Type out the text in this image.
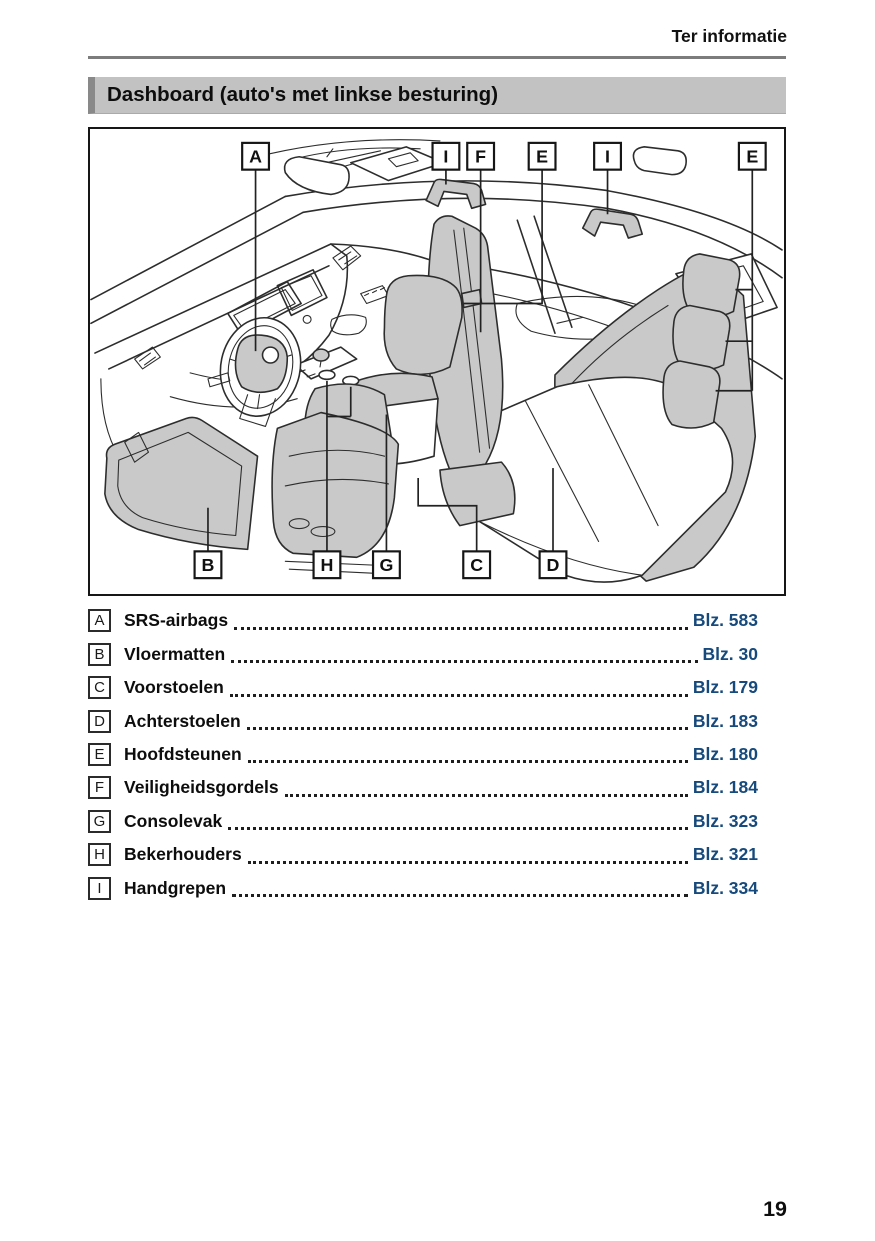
Ter informatie
Dashboard (auto's met linkse besturing)
A	I F	E	I	E
B	H	G	C	D
A	SRS-airbags	Blz. 583
B	Vloermatten	Blz. 30
C	Voorstoelen	Blz. 179
D	Achterstoelen	Blz. 183
E	Hoofdsteunen	Blz. 180
F	Veiligheidsgordels	Blz. 184
G	Consolevak	Blz. 323
H	Bekerhouders	Blz. 321
I	Handgrepen	Blz. 334
19
